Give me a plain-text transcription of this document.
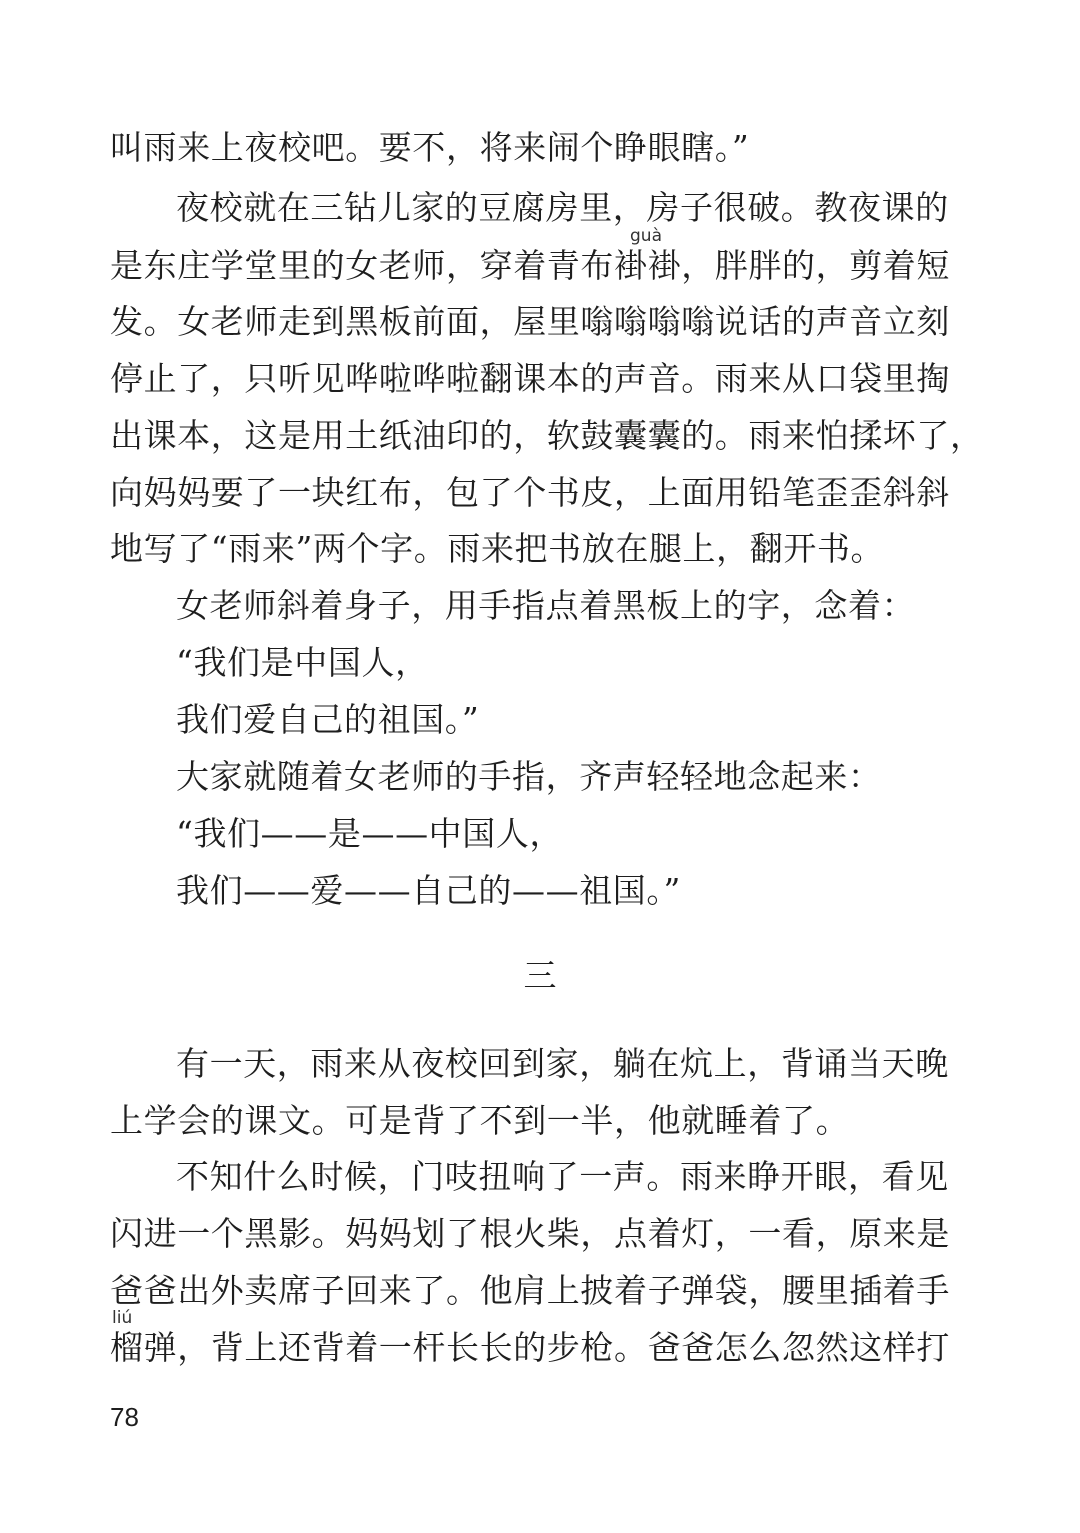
叫雨来上夜校吧。要不，将来闹个睁眼瞎。”
夜校就在三钻儿家的豆腐房里，房子很破。教夜课的
guà
是东庄学堂里的女老师，穿着青布褂褂，胖胖的，剪着短
发。女老师走到黑板前面，屋里嗡嗡嗡嗡说话的声音立刻
停止了，只听见哗啦哗啦翻课本的声音。雨来从口袋里掏
出课本，这是用土纸油印的，软鼓囊囊的。雨来怕揉坏了，
向妈妈要了一块红布，包了个书皮，上面用铅笔歪歪斜斜
地写了“雨来”两个字。雨来把书放在腿上，翻开书。
女老师斜着身子，用手指点着黑板上的字，念着：
“我们是中国人，
我们爱自己的祖国。”
大家就随着女老师的手指，齐声轻轻地念起来：
“我们——是——中国人，
我们——爱——自己的——祖国。”
三
有一天，雨来从夜校回到家，躺在炕上，背诵当天晚
上学会的课文。可是背了不到一半，他就睡着了。
不知什么时候，门吱扭响了一声。雨来睁开眼，看见
闪进一个黑影。妈妈划了根火柴，点着灯，一看，原来是
爸爸出外卖席子回来了。他肩上披着子弹袋，腰里插着手
liú
榴弹，背上还背着一杆长长的步枪。爸爸怎么忽然这样打
78
